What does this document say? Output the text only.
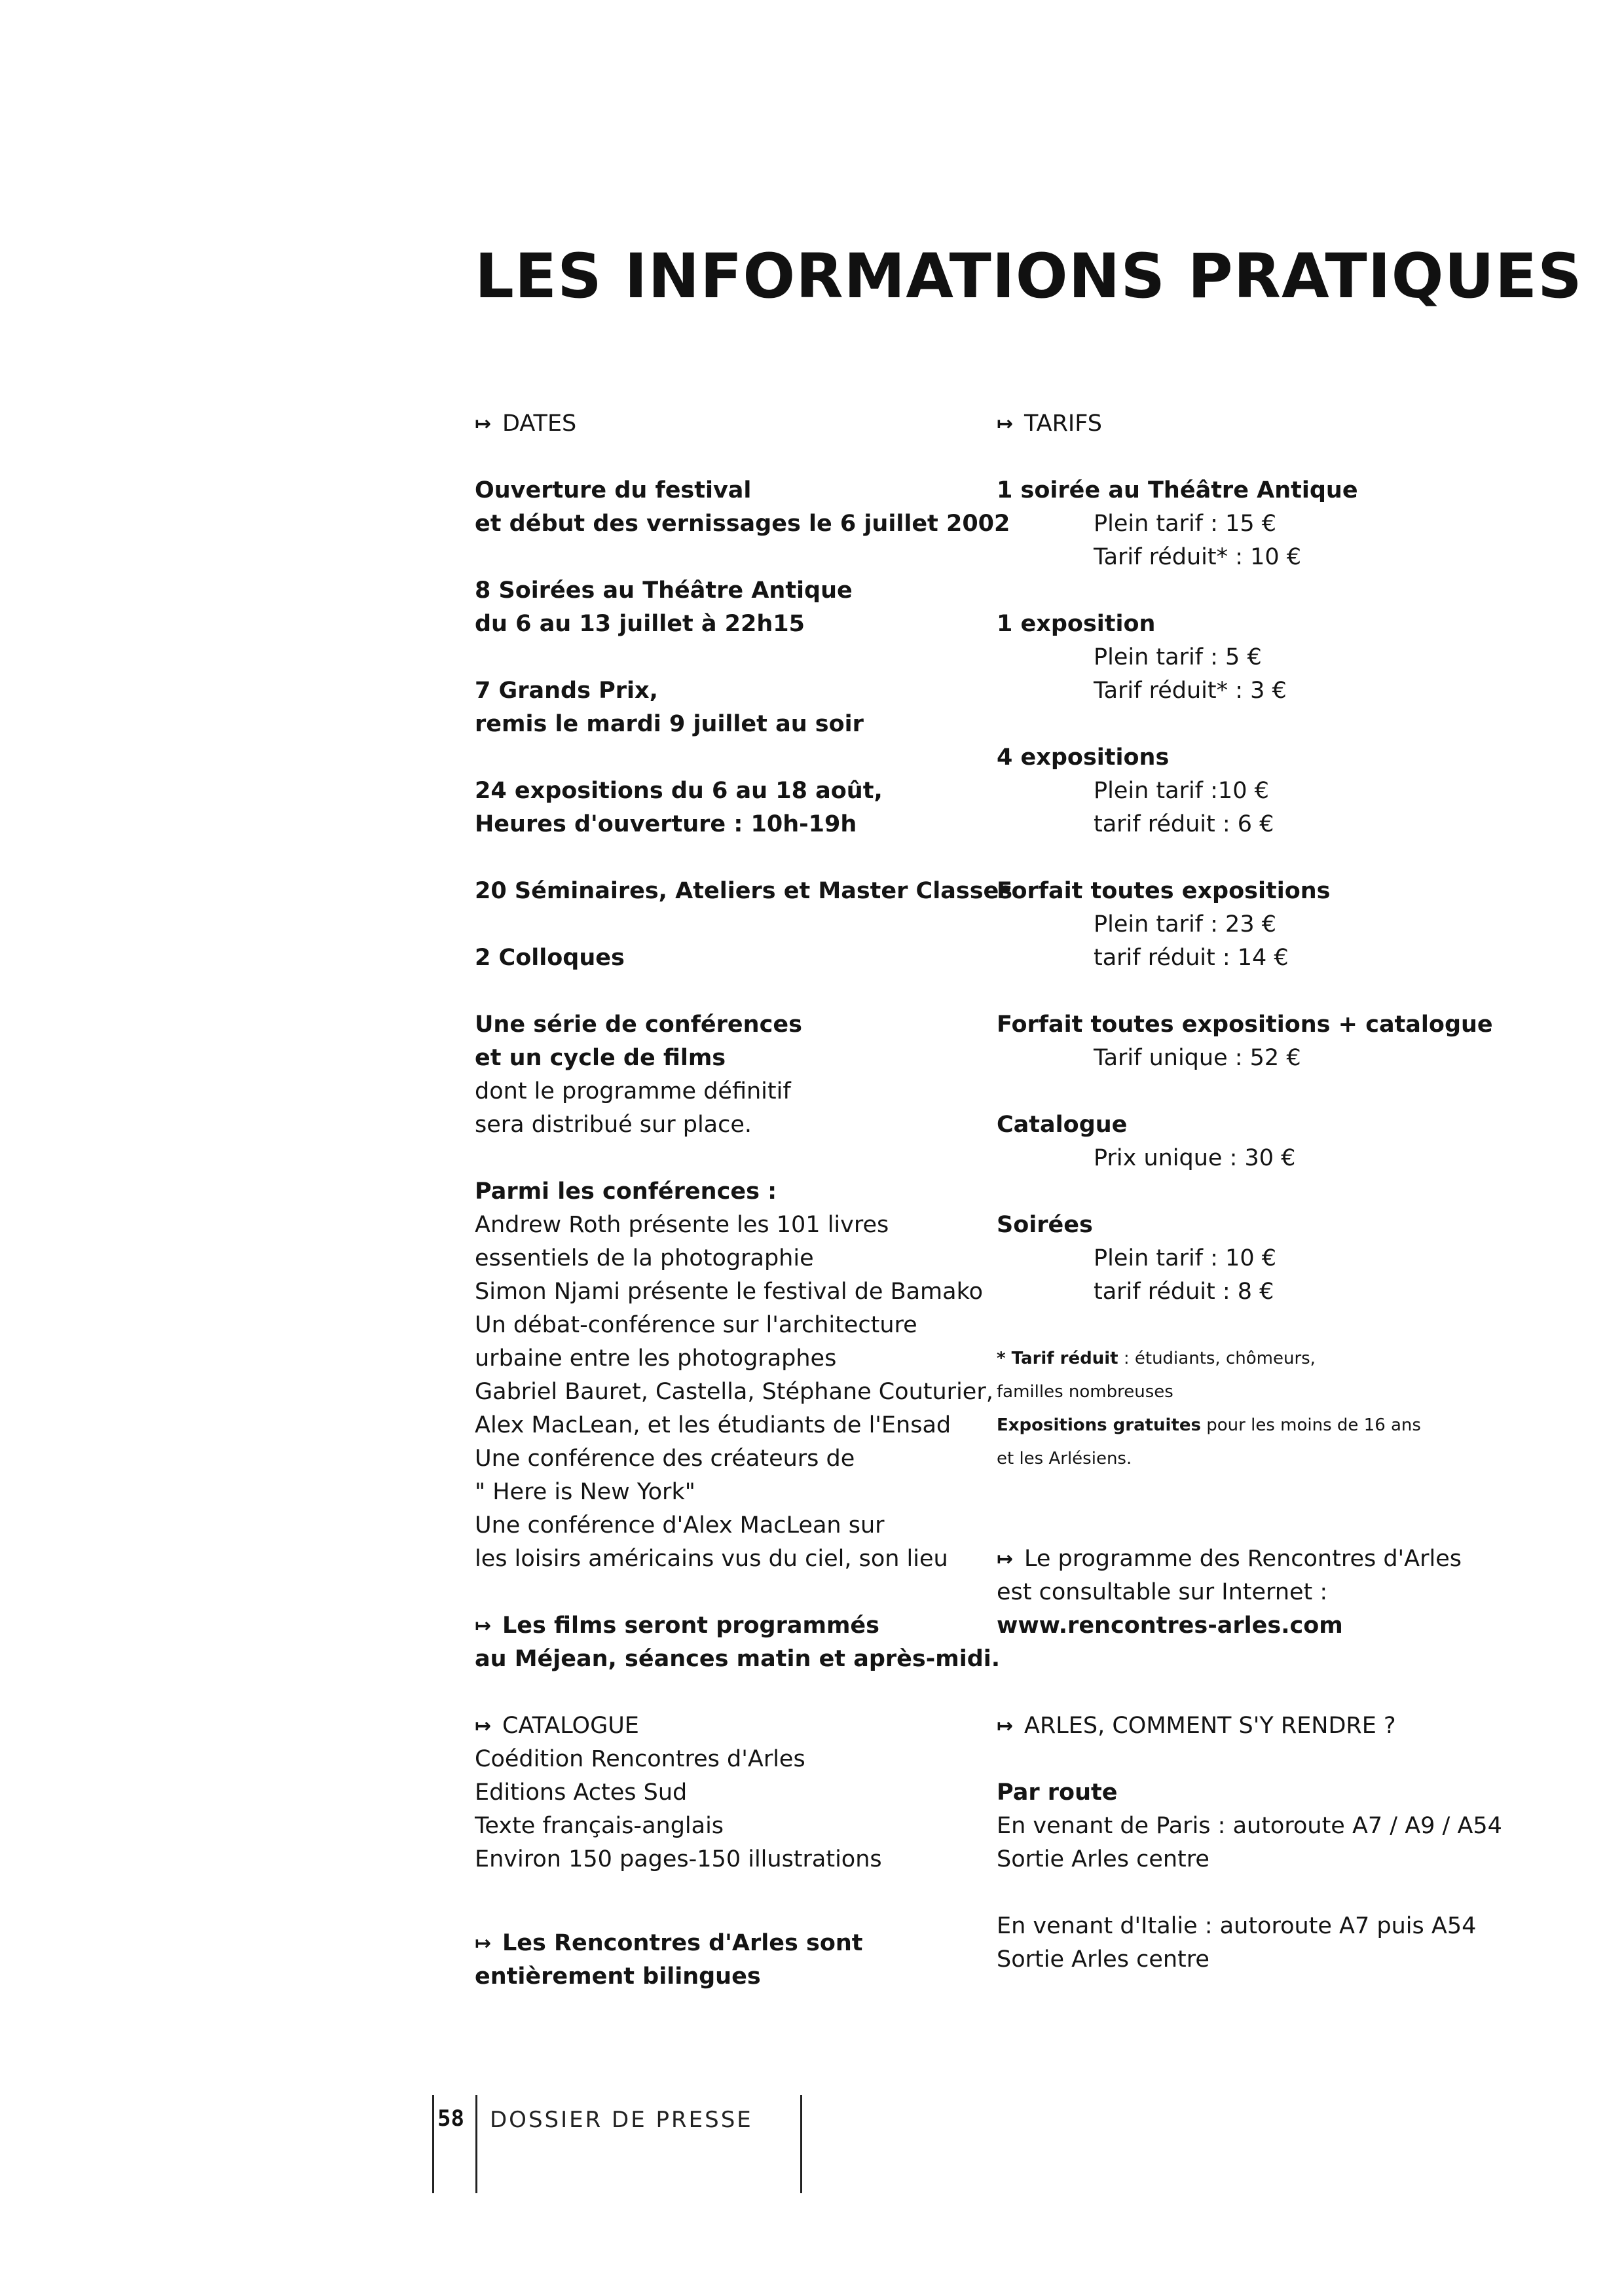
LES INFORMATIONS PRATIQUES
↦ DATES
Ouverture du festival
et début des vernissages le 6 juillet 2002
8 Soirées au Théâtre Antique
du 6 au 13 juillet à 22h15
7 Grands Prix,
remis le mardi 9 juillet au soir
24 expositions du 6 au 18 août,
Heures d'ouverture : 10h-19h
20 Séminaires, Ateliers et Master Classes
2 Colloques
Une série de conférences
et un cycle de films
dont le programme définitif
sera distribué sur place.
Parmi les conférences :
Andrew Roth présente les 101 livres
essentiels de la photographie
Simon Njami présente le festival de Bamako
Un débat-conférence sur l'architecture
urbaine entre les photographes
Gabriel Bauret, Castella, Stéphane Couturier,
Alex MacLean, et les étudiants de l'Ensad
Une conférence des créateurs de
" Here is New York"
Une conférence d'Alex MacLean sur
les loisirs américains vus du ciel, son lieu
↦ Les films seront programmés
au Méjean, séances matin et après-midi.
↦ CATALOGUE
Coédition Rencontres d'Arles
Editions Actes Sud
Texte français-anglais
Environ 150 pages-150 illustrations
↦ Les Rencontres d'Arles sont
entièrement bilingues
↦ TARIFS
1 soirée au Théâtre Antique
Plein tarif : 15 €
Tarif réduit* : 10 €
1 exposition
Plein tarif : 5 €
Tarif réduit* : 3 €
4 expositions
Plein tarif :10 €
tarif réduit : 6 €
Forfait toutes expositions
Plein tarif : 23 €
tarif réduit : 14 €
Forfait toutes expositions + catalogue
Tarif unique : 52 €
Catalogue
Prix unique : 30 €
Soirées
Plein tarif : 10 €
tarif réduit : 8 €
* Tarif réduit : étudiants, chômeurs,
familles nombreuses
Expositions gratuites pour les moins de 16 ans
et les Arlésiens.
↦ Le programme des Rencontres d'Arles
est consultable sur Internet :
www.rencontres-arles.com
↦ ARLES, COMMENT S'Y RENDRE ?
Par route
En venant de Paris : autoroute A7 / A9 / A54
Sortie Arles centre
En venant d'Italie : autoroute A7 puis A54
Sortie Arles centre
58 DOSSIER DE PRESSE
